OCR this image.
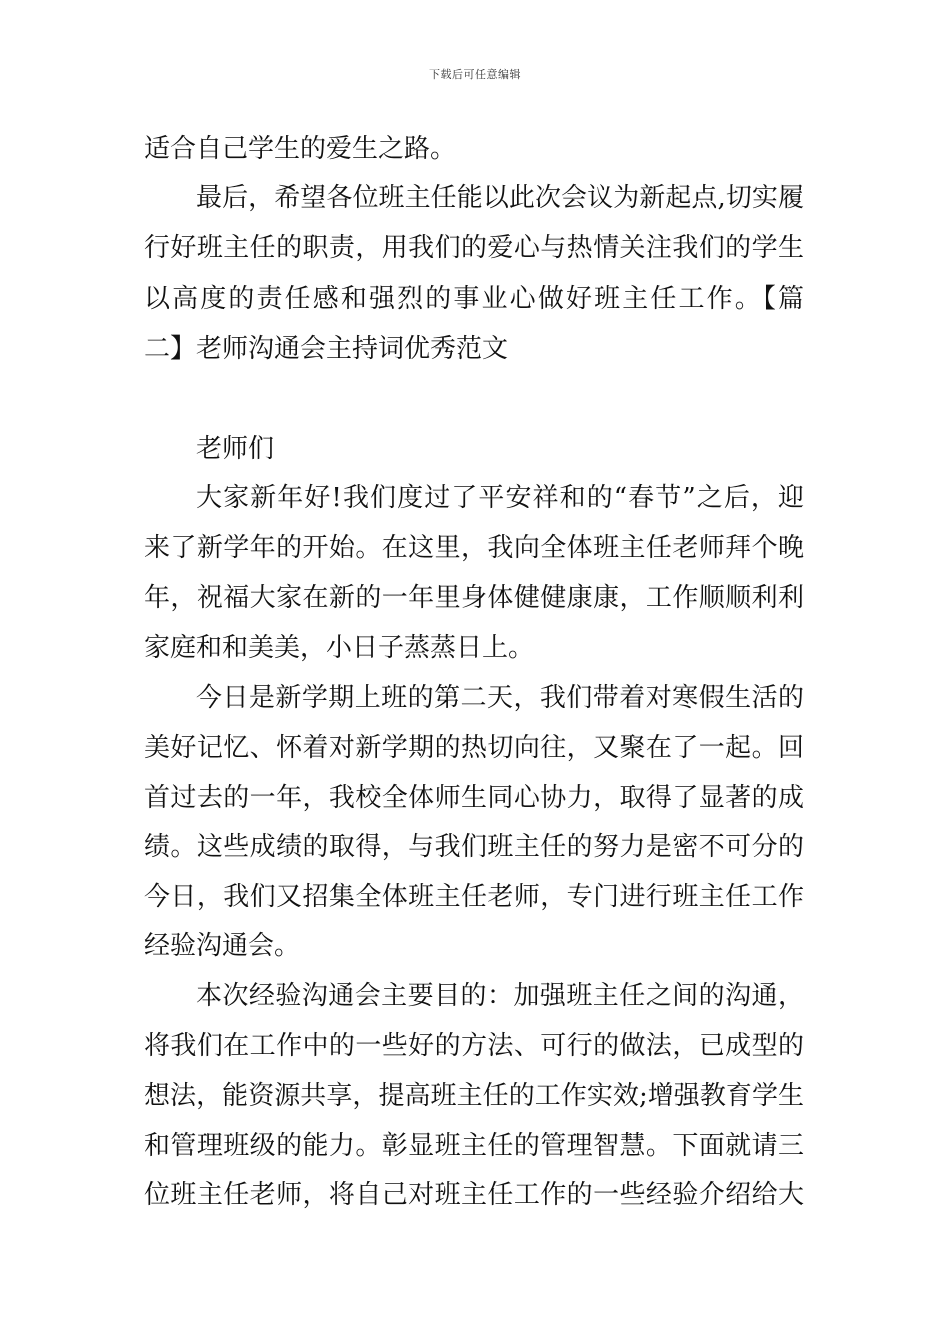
下载后可任意编辑
适合自己学生的爱生之路。
最后，希望各位班主任能以此次会议为新起点,切实履
行好班主任的职责，用我们的爱心与热情关注我们的学生
以高度的责任感和强烈的事业心做好班主任工作。【篇
二】老师沟通会主持词优秀范文
老师们
大家新年好!我们度过了平安祥和的“春节”之后，迎
来了新学年的开始。在这里，我向全体班主任老师拜个晚
年，祝福大家在新的一年里身体健健康康，工作顺顺利利
家庭和和美美，小日子蒸蒸日上。
今日是新学期上班的第二天，我们带着对寒假生活的
美好记忆、怀着对新学期的热切向往，又聚在了一起。回
首过去的一年，我校全体师生同心协力，取得了显著的成
绩。这些成绩的取得，与我们班主任的努力是密不可分的
今日，我们又招集全体班主任老师，专门进行班主任工作
经验沟通会。
本次经验沟通会主要目的：加强班主任之间的沟通，
将我们在工作中的一些好的方法、可行的做法，已成型的
想法，能资源共享，提高班主任的工作实效;增强教育学生
和管理班级的能力。彰显班主任的管理智慧。下面就请三
位班主任老师，将自己对班主任工作的一些经验介绍给大
